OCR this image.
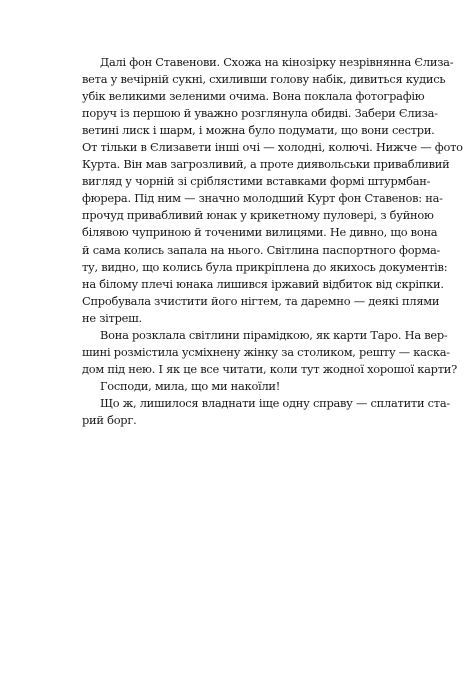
Далі фон Ставенови. Схожа на кінозірку незрівнянна Єлиза-
вета у вечірній сукні, схиливши голову набік, дивиться кудись
убік великими зеленими очима. Вона поклала фотографію
поруч із першою й уважно розглянула обидві. Забери Єлиза-
ветині лиск і шарм, і можна було подумати, що вони сестри.
От тільки в Єлизавети інші очі — холодні, колючі. Нижче — фото
Курта. Він мав загрозливий, а проте диявольськи привабливий
вигляд у чорній зі сріблястими вставками формі штурмбан-
фюрера. Під ним — значно молодший Курт фон Ставенов: на-
прочуд привабливий юнак у крикетному пуловері, з буйною
білявою чуприною й точеними вилицями. Не дивно, що вона
й сама колись запала на нього. Світлина паспортного форма-
ту, видно, що колись була прикріплена до якихось документів:
на білому плечі юнака лишився іржавий відбиток від скріпки.
Спробувала зчистити його нігтем, та даремно — деякі плями
не зітреш.
Вона розклала світлини пірамідкою, як карти Таро. На вер-
шині розмістила усміхнену жінку за столиком, решту — каска-
дом під нею. І як це все читати, коли тут жодної хорошої карти?
Господи, мила, що ми накоїли!
Що ж, лишилося владнати іще одну справу — сплатити ста-
рий борг.
